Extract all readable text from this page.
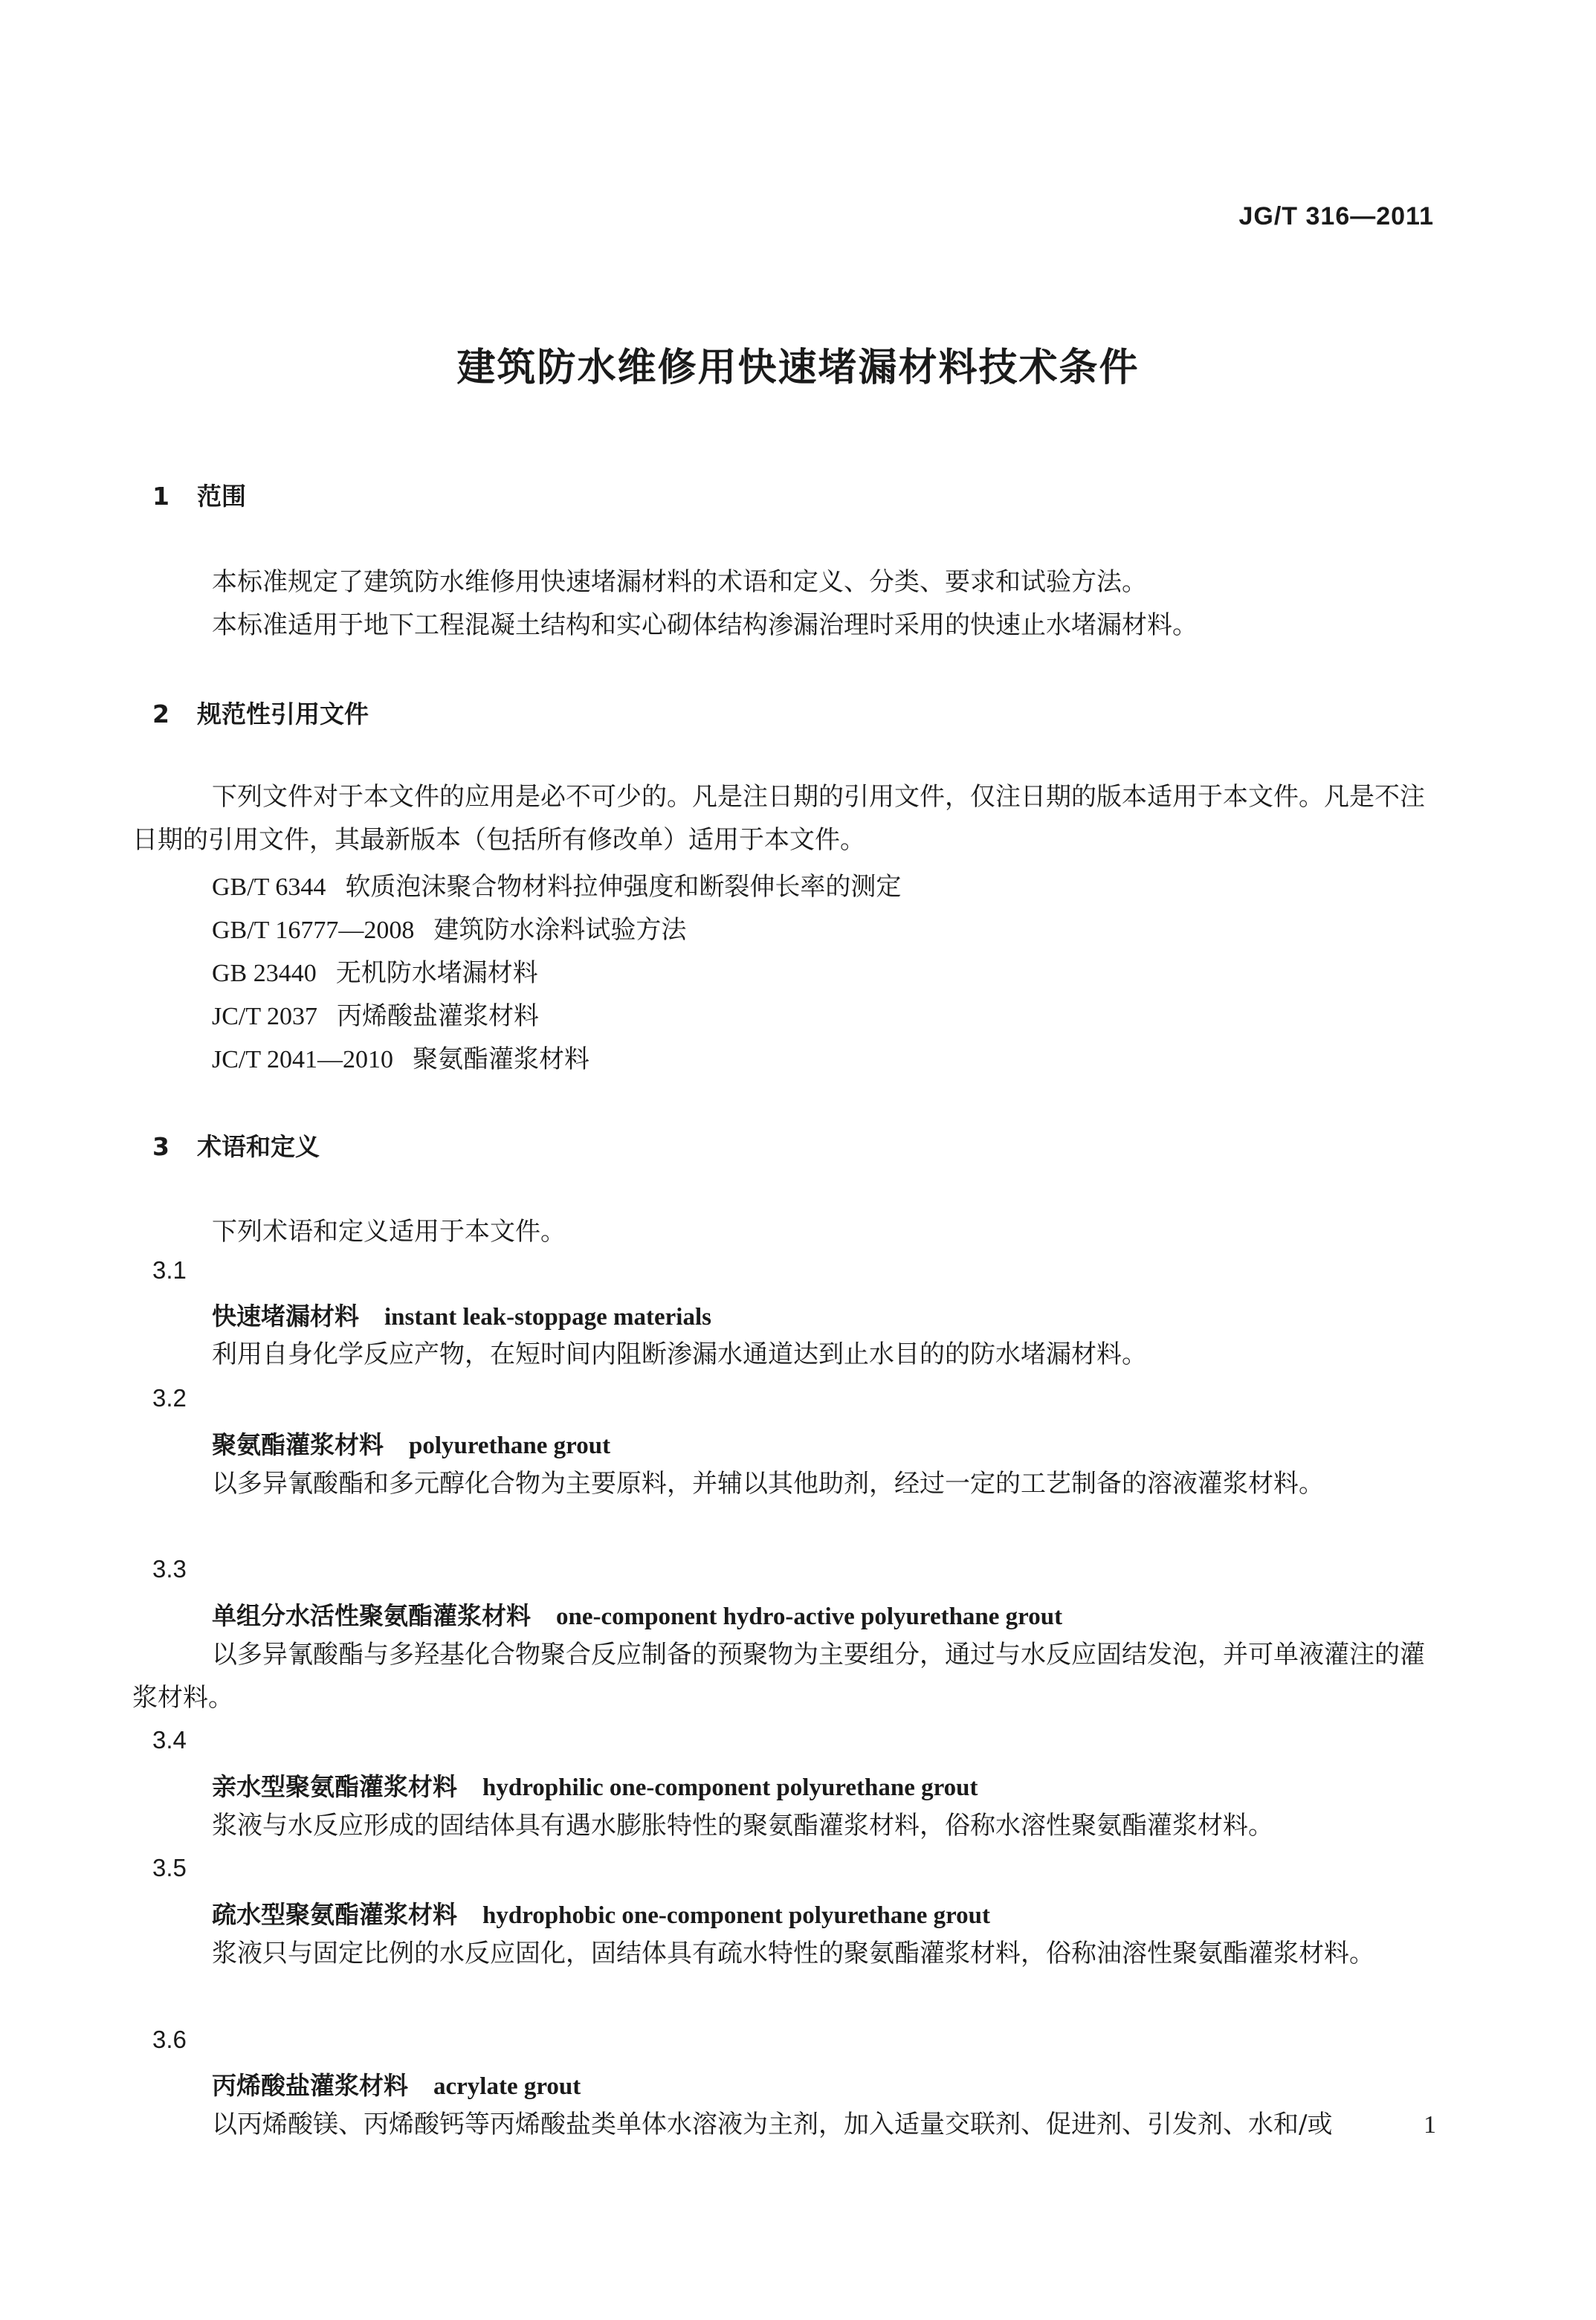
JG/T 316—2011
建筑防水维修用快速堵漏材料技术条件
1 范围
本标准规定了建筑防水维修用快速堵漏材料的术语和定义、分类、要求和试验方法。
本标准适用于地下工程混凝土结构和实心砌体结构渗漏治理时采用的快速止水堵漏材料。
2 规范性引用文件
下列文件对于本文件的应用是必不可少的。凡是注日期的引用文件，仅注日期的版本适用于本文件。凡是不注日期的引用文件，其最新版本（包括所有修改单）适用于本文件。
GB/T 6344 软质泡沫聚合物材料拉伸强度和断裂伸长率的测定
GB/T 16777—2008 建筑防水涂料试验方法
GB 23440 无机防水堵漏材料
JC/T 2037 丙烯酸盐灌浆材料
JC/T 2041—2010 聚氨酯灌浆材料
3 术语和定义
下列术语和定义适用于本文件。
3.1
快速堵漏材料 instant leak-stoppage materials
利用自身化学反应产物，在短时间内阻断渗漏水通道达到止水目的的防水堵漏材料。
3.2
聚氨酯灌浆材料 polyurethane grout
以多异氰酸酯和多元醇化合物为主要原料，并辅以其他助剂，经过一定的工艺制备的溶液灌浆材料。
3.3
单组分水活性聚氨酯灌浆材料 one-component hydro-active polyurethane grout
以多异氰酸酯与多羟基化合物聚合反应制备的预聚物为主要组分，通过与水反应固结发泡，并可单液灌注的灌浆材料。
3.4
亲水型聚氨酯灌浆材料 hydrophilic one-component polyurethane grout
浆液与水反应形成的固结体具有遇水膨胀特性的聚氨酯灌浆材料，俗称水溶性聚氨酯灌浆材料。
3.5
疏水型聚氨酯灌浆材料 hydrophobic one-component polyurethane grout
浆液只与固定比例的水反应固化，固结体具有疏水特性的聚氨酯灌浆材料，俗称油溶性聚氨酯灌浆材料。
3.6
丙烯酸盐灌浆材料 acrylate grout
以丙烯酸镁、丙烯酸钙等丙烯酸盐类单体水溶液为主剂，加入适量交联剂、促进剂、引发剂、水和/或	1
